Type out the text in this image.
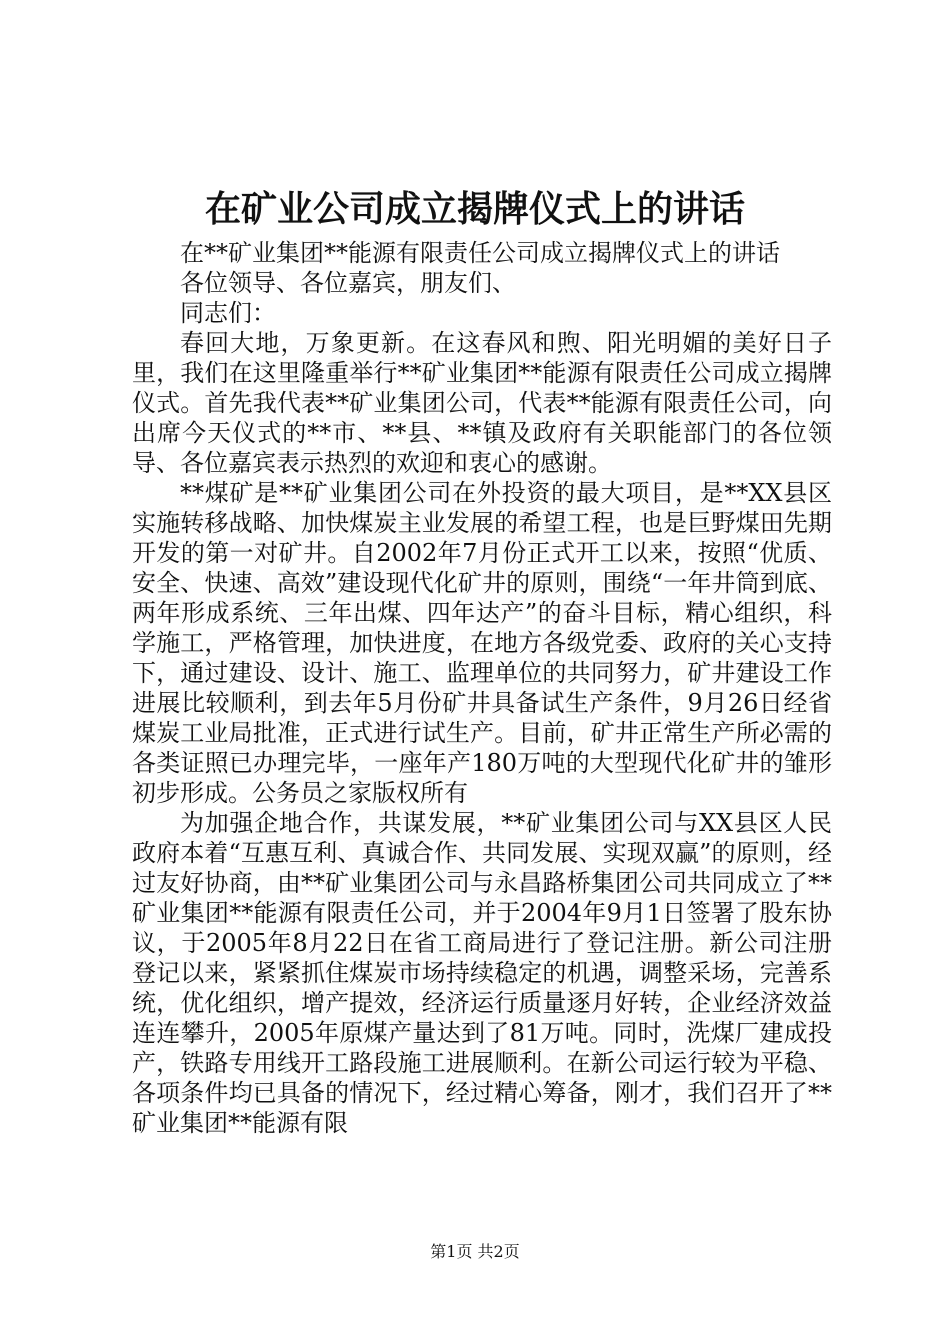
在矿业公司成立揭牌仪式上的讲话

在**矿业集团**能源有限责任公司成立揭牌仪式上的讲话

各位领导、各位嘉宾，朋友们、

同志们：

春回大地，万象更新。在这春风和煦、阳光明媚的美好日子里，我们在这里隆重举行**矿业集团**能源有限责任公司成立揭牌仪式。首先我代表**矿业集团公司，代表**能源有限责任公司，向出席今天仪式的**市、**县、**镇及政府有关职能部门的各位领导、各位嘉宾表示热烈的欢迎和衷心的感谢。

**煤矿是**矿业集团公司在外投资的最大项目，是**XX县区实施转移战略、加快煤炭主业发展的希望工程，也是巨野煤田先期开发的第一对矿井。自2002年7月份正式开工以来，按照“优质、安全、快速、高效”建设现代化矿井的原则，围绕“一年井筒到底、两年形成系统、三年出煤、四年达产”的奋斗目标，精心组织，科学施工，严格管理，加快进度，在地方各级党委、政府的关心支持下，通过建设、设计、施工、监理单位的共同努力，矿井建设工作进展比较顺利，到去年5月份矿井具备试生产条件，9月26日经省煤炭工业局批准，正式进行试生产。目前，矿井正常生产所必需的各类证照已办理完毕，一座年产180万吨的大型现代化矿井的雏形初步形成。公务员之家版权所有

为加强企地合作，共谋发展，**矿业集团公司与XX县区人民政府本着“互惠互利、真诚合作、共同发展、实现双赢”的原则，经过友好协商，由**矿业集团公司与永昌路桥集团公司共同成立了**矿业集团**能源有限责任公司，并于2004年9月1日签署了股东协议，于2005年8月22日在省工商局进行了登记注册。新公司注册登记以来，紧紧抓住煤炭市场持续稳定的机遇，调整采场，完善系统，优化组织，增产提效，经济运行质量逐月好转，企业经济效益连连攀升，2005年原煤产量达到了81万吨。同时，洗煤厂建成投产，铁路专用线开工路段施工进展顺利。在新公司运行较为平稳、各项条件均已具备的情况下，经过精心筹备，刚才，我们召开了**矿业集团**能源有限

第1页 共2页
